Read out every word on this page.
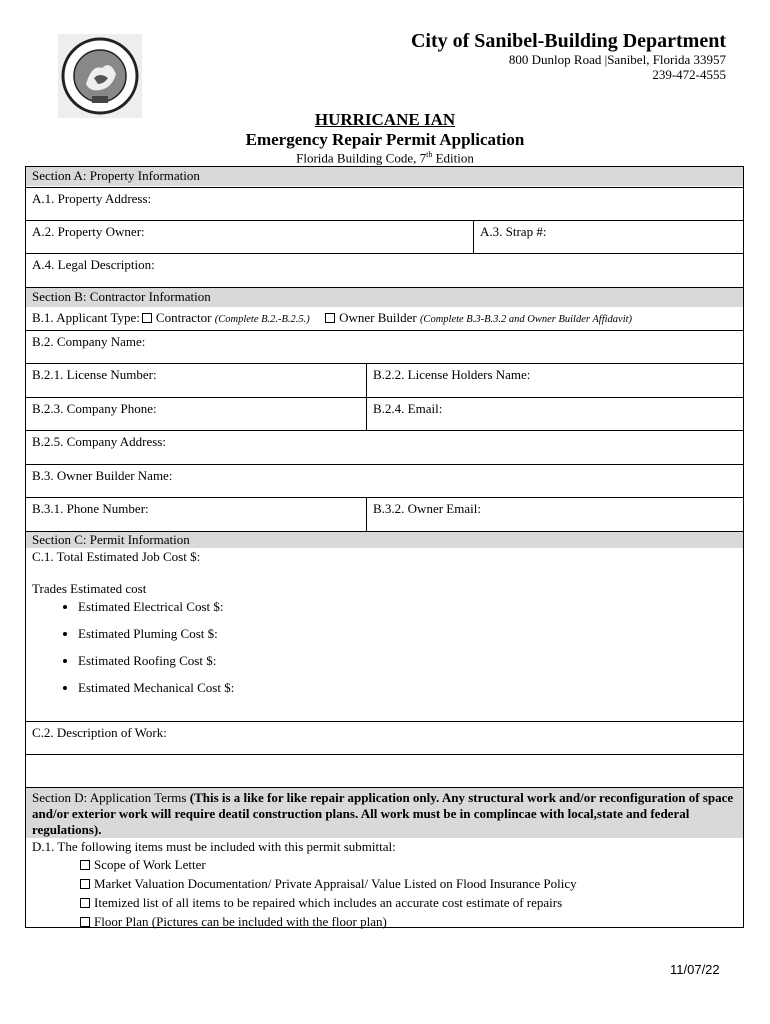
City of Sanibel-Building Department
800 Dunlop Road |Sanibel, Florida 33957
239-472-4555
HURRICANE IAN
Emergency Repair Permit Application
Florida Building Code, 7th Edition
Section A: Property Information
A.1. Property Address:
A.2. Property Owner:	A.3. Strap #:
A.4. Legal Description:
Section B: Contractor Information
B.1. Applicant Type: Contractor (Complete B.2.-B.2.5.) Owner Builder (Complete B.3-B.3.2 and Owner Builder Affidavit)
B.2. Company Name:
B.2.1. License Number:	B.2.2. License Holders Name:
B.2.3. Company Phone:	B.2.4. Email:
B.2.5. Company Address:
B.3. Owner Builder Name:
B.3.1. Phone Number:	B.3.2. Owner Email:
Section C: Permit Information
C.1. Total Estimated Job Cost $:
Trades Estimated cost
• Estimated Electrical Cost $:
• Estimated Pluming Cost $:
• Estimated Roofing Cost $:
• Estimated Mechanical Cost $:
C.2. Description of Work:
Section D: Application Terms (This is a like for like repair application only. Any structural work and/or reconfiguration of space and/or exterior work will require deatil construction plans. All work must be in complincae with local,state and federal regulations).
D.1. The following items must be included with this permit submittal:
Scope of Work Letter
Market Valuation Documentation/ Private Appraisal/ Value Listed on Flood Insurance Policy
Itemized list of all items to be repaired which includes an accurate cost estimate of repairs
Floor Plan (Pictures can be included with the floor plan)
11/07/22
